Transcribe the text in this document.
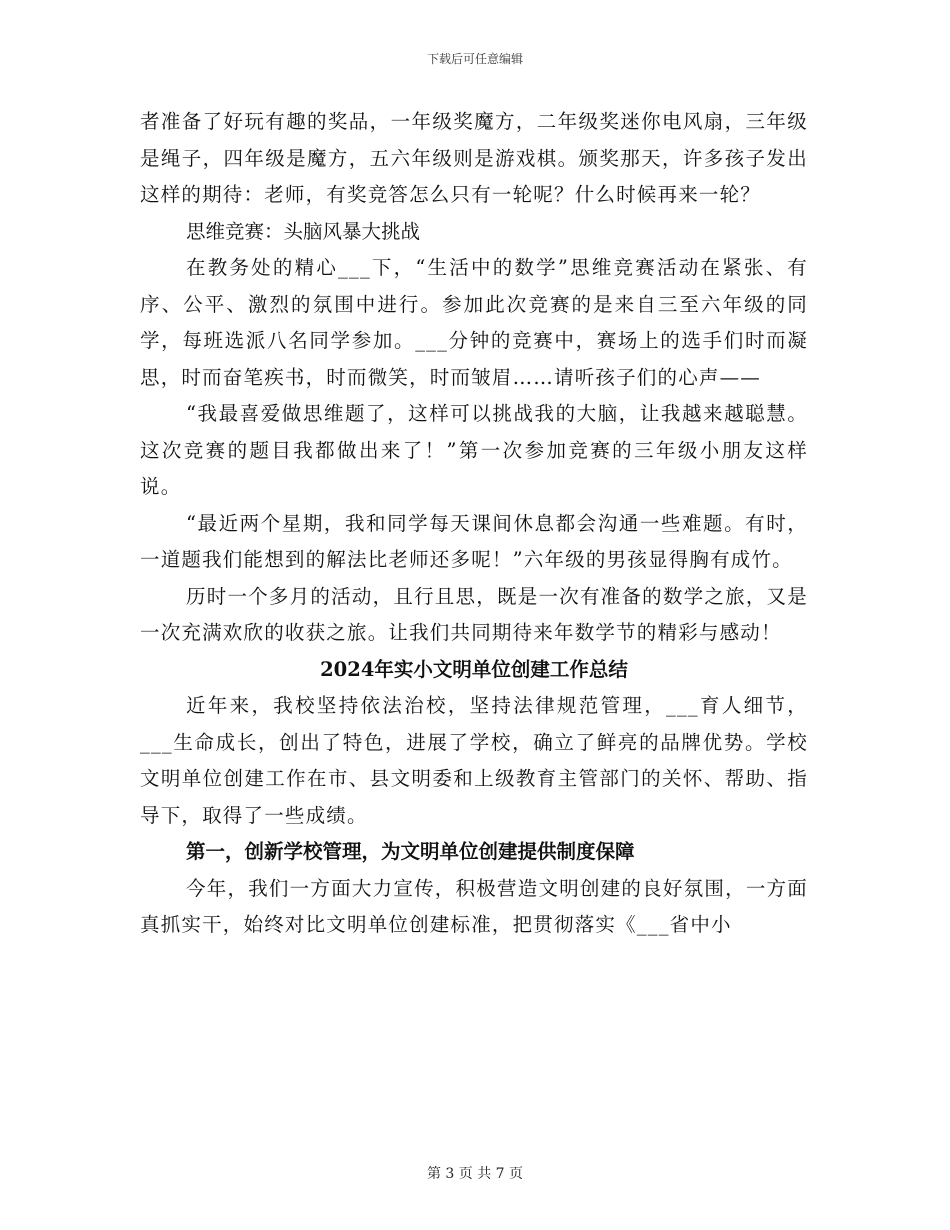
下载后可任意编辑

者准备了好玩有趣的奖品，一年级奖魔方，二年级奖迷你电风扇，三年级是绳子，四年级是魔方，五六年级则是游戏棋。颁奖那天，许多孩子发出这样的期待：老师，有奖竞答怎么只有一轮呢？什么时候再来一轮？

思维竞赛：头脑风暴大挑战

在教务处的精心___下，“生活中的数学”思维竞赛活动在紧张、有序、公平、激烈的氛围中进行。参加此次竞赛的是来自三至六年级的同学，每班选派八名同学参加。___分钟的竞赛中，赛场上的选手们时而凝思，时而奋笔疾书，时而微笑，时而皱眉……请听孩子们的心声——

“我最喜爱做思维题了，这样可以挑战我的大脑，让我越来越聪慧。这次竞赛的题目我都做出来了！”第一次参加竞赛的三年级小朋友这样说。

“最近两个星期，我和同学每天课间休息都会沟通一些难题。有时，一道题我们能想到的解法比老师还多呢！”六年级的男孩显得胸有成竹。

历时一个多月的活动，且行且思，既是一次有准备的数学之旅，又是一次充满欢欣的收获之旅。让我们共同期待来年数学节的精彩与感动！

2024年实小文明单位创建工作总结

近年来，我校坚持依法治校，坚持法律规范管理，___育人细节，___生命成长，创出了特色，进展了学校，确立了鲜亮的品牌优势。学校文明单位创建工作在市、县文明委和上级教育主管部门的关怀、帮助、指导下，取得了一些成绩。

第一，创新学校管理，为文明单位创建提供制度保障

今年，我们一方面大力宣传，积极营造文明创建的良好氛围，一方面真抓实干，始终对比文明单位创建标准，把贯彻落实《___省中小

第 3 页 共 7 页
